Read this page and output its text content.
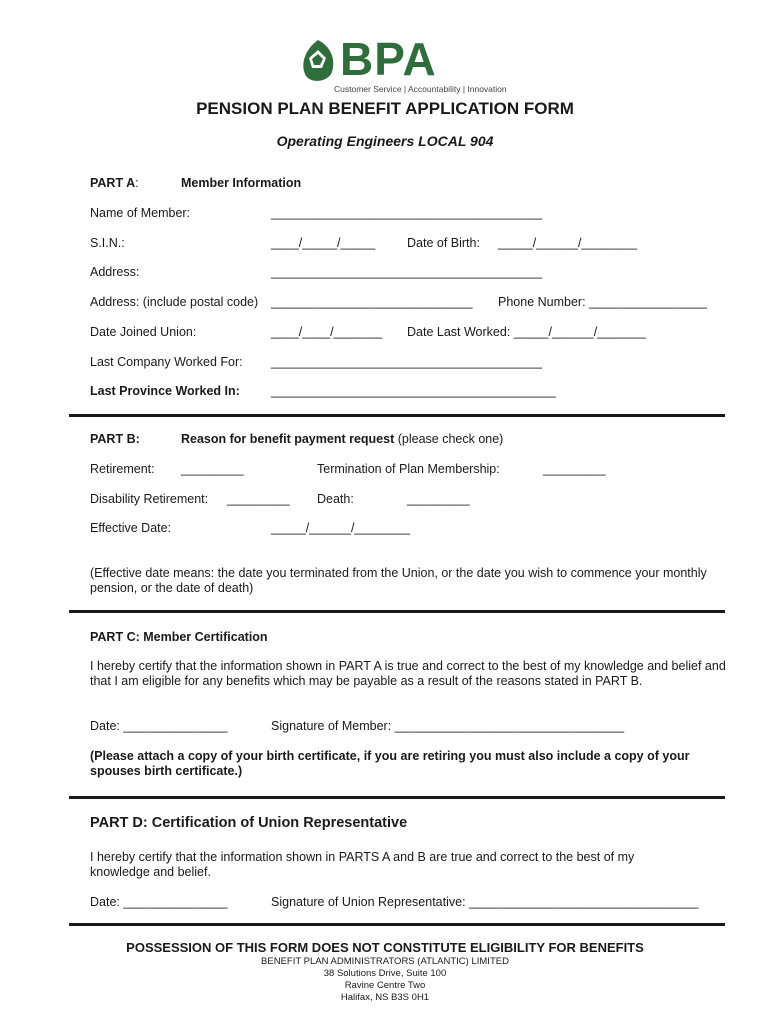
BPA
Customer Service | Accountability | Innovation
PENSION PLAN BENEFIT APPLICATION FORM
Operating Engineers LOCAL 904
PART A:	Member Information
Name of Member:	_______________________________________
S.I.N.:	____/_____/_____	Date of Birth: _____/______/________
Address:	_______________________________________
Address: (include postal code) _____________________________ Phone Number: _________________
Date Joined Union:	____/____/_______ Date Last Worked: _____/______/_______
Last Company Worked For: _______________________________________
Last Province Worked In: _________________________________________
PART B:	Reason for benefit payment request (please check one)
Retirement: _________	Termination of Plan Membership:	_________
Disability Retirement: _________ Death:	_________
Effective Date:	_____/______/________
(Effective date means: the date you terminated from the Union, or the date you wish to commence your monthly pension, or the date of death)
PART C: Member Certification
I hereby certify that the information shown in PART A is true and correct to the best of my knowledge and belief and that I am eligible for any benefits which may be payable as a result of the reasons stated in PART B.
Date: _______________	Signature of Member: _________________________________
(Please attach a copy of your birth certificate, if you are retiring you must also include a copy of your spouses birth certificate.)
PART D: Certification of Union Representative
I hereby certify that the information shown in PARTS A and B are true and correct to the best of my knowledge and belief.
Date: _______________	Signature of Union Representative: _________________________________
POSSESSION OF THIS FORM DOES NOT CONSTITUTE ELIGIBILITY FOR BENEFITS
BENEFIT PLAN ADMINISTRATORS (ATLANTIC) LIMITED
38 Solutions Drive, Suite 100
Ravine Centre Two
Halifax, NS B3S 0H1
